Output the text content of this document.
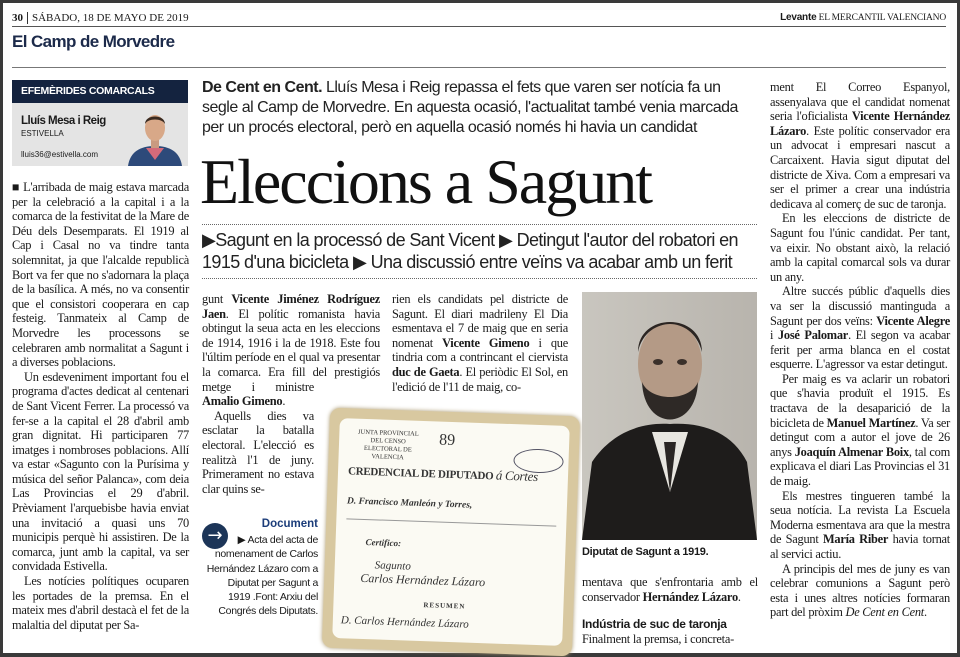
30 SÁBADO, 18 DE MAYO DE 2019	Levante EL MERCANTIL VALENCIANO
El Camp de Morvedre
EFEMÈRIDES COMARCALS
Lluís Mesa i Reig
ESTIVELLA
lluis36@estivella.com

■ L'arribada de maig estava marcada per la celebració a la capital i a la comarca de la festivitat de la Mare de Déu dels Desemparats. El 1919 al Cap i Casal no va tindre tanta solemnitat, ja que l'alcalde republicà Bort va fer que no s'adornara la plaça de la basílica. A més, no va consentir que el consistori cooperara en cap festeig. Tanmateix al Camp de Morvedre les processons se celebraren amb normalitat a Sagunt i a diverses poblacions.

Un esdeveniment important fou el programa d'actes dedicat al centenari de Sant Vicent Ferrer. La processó va fer-se a la capital el 28 d'abril amb gran dignitat. Hi participaren 77 imatges i nombroses poblacions. Allí va estar «Sagunto con la Purísima y música del señor Palanca», com deia Las Provincias el 29 d'abril. Prèviament l'arquebisbe havia enviat una invitació a quasi uns 70 municipis perquè hi assistiren. De la comarca, junt amb la capital, va ser convidada Estivella.

Les notícies polítiques ocuparen les portades de la premsa. En el mateix mes d'abril destacà el fet de la malaltia del diputat per Sa-

De Cent en Cent. Lluís Mesa i Reig repassa el fets que varen ser notícia fa un segle al Camp de Morvedre. En aquesta ocasió, l'actualitat també venia marcada per un procés electoral, però en aquella ocasió només hi havia un candidat
Eleccions a Sagunt
▶Sagunt en la processó de Sant Vicent ▶ Detingut l'autor del robatori en 1915 d'una bicicleta ▶ Una discussió entre veïns va acabar amb un ferit

gunt Vicente Jiménez Rodríguez Jaen. El polític romanista havia obtingut la seua acta en les eleccions de 1914, 1916 i la de 1918. Este fou l'últim període en el qual va presentar la comarca. Era fill del prestigiós metge i ministre Amalio Gimeno.

Aquells dies va esclatar la batalla electoral. L'elecció es realitzà l'1 de juny. Primerament no estava clar quins se-

rien els candidats pel districte de Sagunt. El diari madrileny El Dia esmentava el 7 de maig que en seria nomenat Vicente Gimeno i que tindria com a contrincant el ciervista duc de Gaeta. El periòdic El Sol, en l'edició de l'11 de maig, co-

→
Document
▶ Acta del acta de nomenament de Carlos Hernández Lázaro com a Diputat per Sagunt a 1919 .Font: Arxiu del Congrés dels Diputats.
JUNTA PROVINCIAL DEL CENSO ELECTORAL DE VALENCIA
89
CREDENCIAL DE DIPUTADO á Cortes
D. Francisco Manleón y Torres,
Certifico:
Sagunto
Carlos Hernández Lázaro
RESUMEN
D. Carlos Hernández Lázaro
Diputat de Sagunt a 1919.

mentava que s'enfrontaria amb el conservador Hernández Lázaro.

Indústria de suc de taronja

Finalment la premsa, i concreta-

ment El Correo Espanyol, assenyalava que el candidat nomenat seria l'oficialista Vicente Hernández Lázaro. Este polític conservador era un advocat i empresari nascut a Carcaixent. Havia sigut diputat del districte de Xiva. Com a empresari va ser el primer a crear una indústria dedicava al comerç de suc de taronja.

En les eleccions de districte de Sagunt fou l'únic candidat. Per tant, va eixir. No obstant això, la relació amb la capital comarcal sols va durar un any.

Altre succés públic d'aquells dies va ser la discussió mantinguda a Sagunt per dos veïns: Vicente Alegre i José Palomar. El segon va acabar ferit per arma blanca en el costat esquerre. L'agressor va estar detingut.

Per maig es va aclarir un robatori que s'havia produït el 1915. Es tractava de la desaparició de la bicicleta de Manuel Martínez. Va ser detingut com a autor el jove de 26 anys Joaquín Almenar Boix, tal com explicava el diari Las Provincias el 31 de maig.

Els mestres tingueren també la seua notícia. La revista La Escuela Moderna esmentava ara que la mestra de Sagunt María Riber havia tornat al servici actiu.

A principis del mes de juny es van celebrar comunions a Sagunt però esta i unes altres notícies formaran part del pròxim De Cent en Cent.
